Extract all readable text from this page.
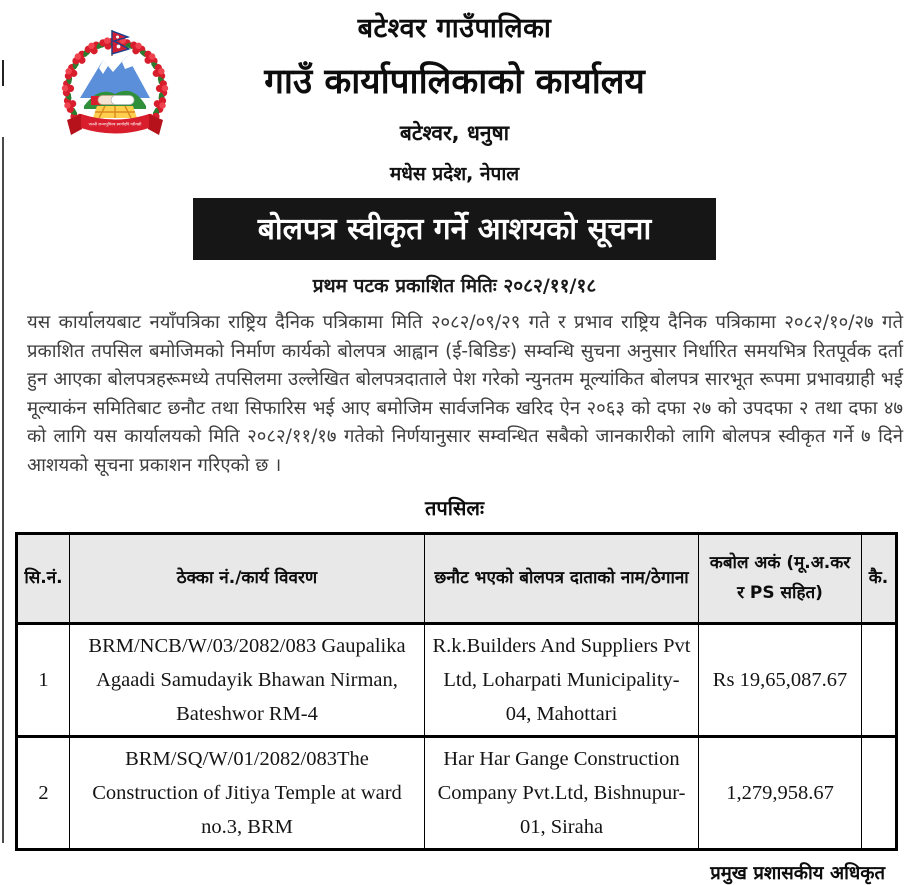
जननी जन्मभूमिश्च स्वर्गादपि गरीयसी
बटेश्वर गाउँपालिका
गाउँ कार्यापालिकाको कार्यालय
बटेश्वर, धनुषा
मधेस प्रदेश, नेपाल
बोलपत्र स्वीकृत गर्ने आशयको सूचना
प्रथम पटक प्रकाशित मितिः २०८२/११/१८

यस कार्यालयबाट नयाँपत्रिका राष्ट्रिय दैनिक पत्रिकामा मिति २०८२/०९/२९ गते र प्रभाव राष्ट्रिय दैनिक पत्रिकामा २०८२/१०/२७ गते प्रकाशित तपसिल बमोजिमको निर्माण कार्यको बोलपत्र आह्वान (ई-बिडिङ) सम्वन्धि सुचना अनुसार निर्धारित समयभित्र रितपूर्वक दर्ता हुन आएका बोलपत्रहरूमध्ये तपसिलमा उल्लेखित बोलपत्रदाताले पेश गरेको न्युनतम मूल्यांकित बोलपत्र सारभूत रूपमा प्रभावग्राही भई मूल्याकंन समितिबाट छनौट तथा सिफारिस भई आए बमोजिम सार्वजनिक खरिद ऐन २०६३ को दफा २७ को उपदफा २ तथा दफा ४७ को लागि यस कार्यालयको मिति २०८२/११/१७ गतेको निर्णयानुसार सम्वन्धित सबैको जानकारीको लागि बोलपत्र स्वीकृत गर्ने ७ दिने आशयको सूचना प्रकाशन गरिएको छ ।

तपसिलः
सि.नं.	ठेक्का नं./कार्य विवरण	छनौट भएको बोलपत्र दाताको नाम/ठेगाना	कबोल अकं (मू.अ.कर र PS सहित)	कै.
1	BRM/NCB/W/03/2082/083 Gaupalika Agaadi Samudayik Bhawan Nirman, Bateshwor RM-4	R.k.Builders And Suppliers Pvt Ltd, Loharpati Municipality-04, Mahottari	Rs 19,65,087.67	
2	BRM/SQ/W/01/2082/083The Construction of Jitiya Temple at ward no.3, BRM	Har Har Gange Construction Company Pvt.Ltd, Bishnupur-01, Siraha	1,279,958.67	
प्रमुख प्रशासकीय अधिकृत
